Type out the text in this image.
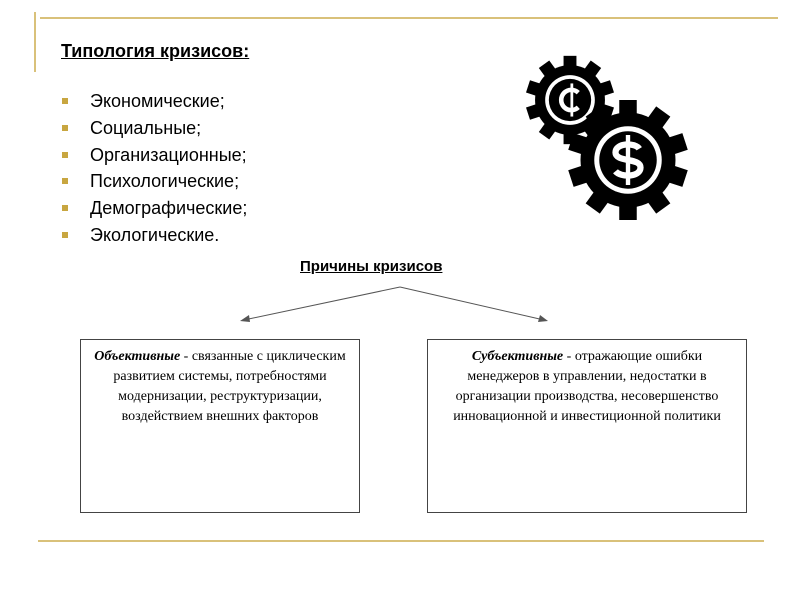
Типология кризисов:
Экономические;
Социальные;
Организационные;
Психологические;
Демографические;
Экологические.
Причины кризисов
Объективные - связанные с циклическим развитием системы, потребностями модернизации, реструктуризации, воздействием внешних факторов
Субъективные - отражающие ошибки менеджеров в управлении, недостатки в организации производства, несовершенство инновационной и инвестиционной политики
